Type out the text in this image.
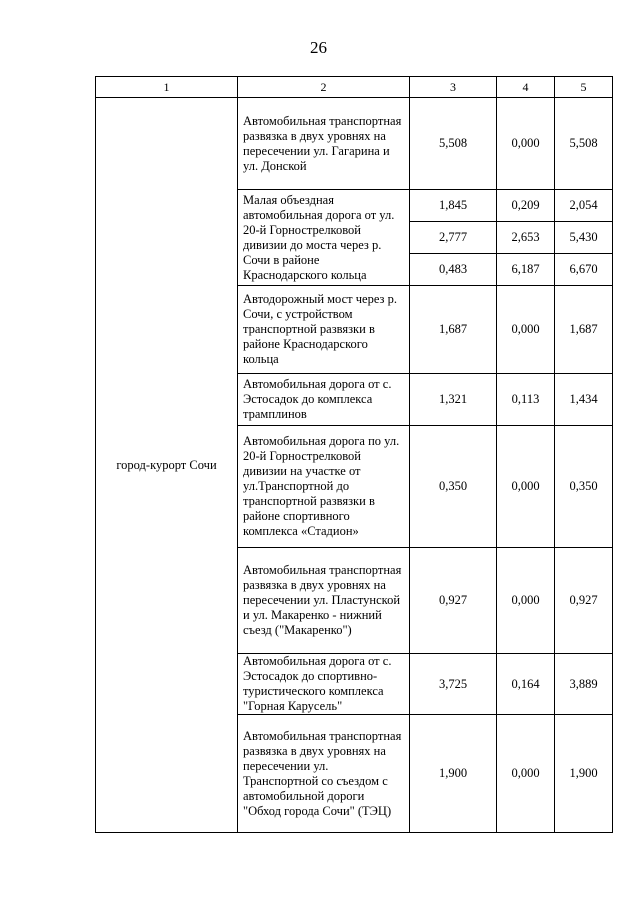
26
1	2	3	4	5
город-курорт Сочи	Автомобильная транспортная развязка в двух уровнях на пересечении ул. Гагарина и ул. Донской	5,508	0,000	5,508
	Малая объездная автомобильная дорога от ул. 20-й Горнострелковой дивизии до моста через р. Сочи в районе Краснодарского кольца	1,845	0,209	2,054
		2,777	2,653	5,430
		0,483	6,187	6,670
	Автодорожный мост через р. Сочи, с устройством транспортной развязки в районе Краснодарского кольца	1,687	0,000	1,687
	Автомобильная дорога от с. Эстосадок до комплекса трамплинов	1,321	0,113	1,434
	Автомобильная дорога по ул. 20-й Горнострелковой дивизии на участке от ул.Транспортной до транспортной развязки в районе спортивного комплекса «Стадион»	0,350	0,000	0,350
	Автомобильная транспортная развязка в двух уровнях на пересечении ул. Пластунской и ул. Макаренко - нижний съезд ("Макаренко")	0,927	0,000	0,927
	Автомобильная дорога от с. Эстосадок до спортивно-туристического комплекса "Горная Карусель"	3,725	0,164	3,889
	Автомобильная транспортная развязка в двух уровнях на пересечении ул. Транспортной со съездом с автомобильной дороги "Обход города Сочи" (ТЭЦ)	1,900	0,000	1,900
